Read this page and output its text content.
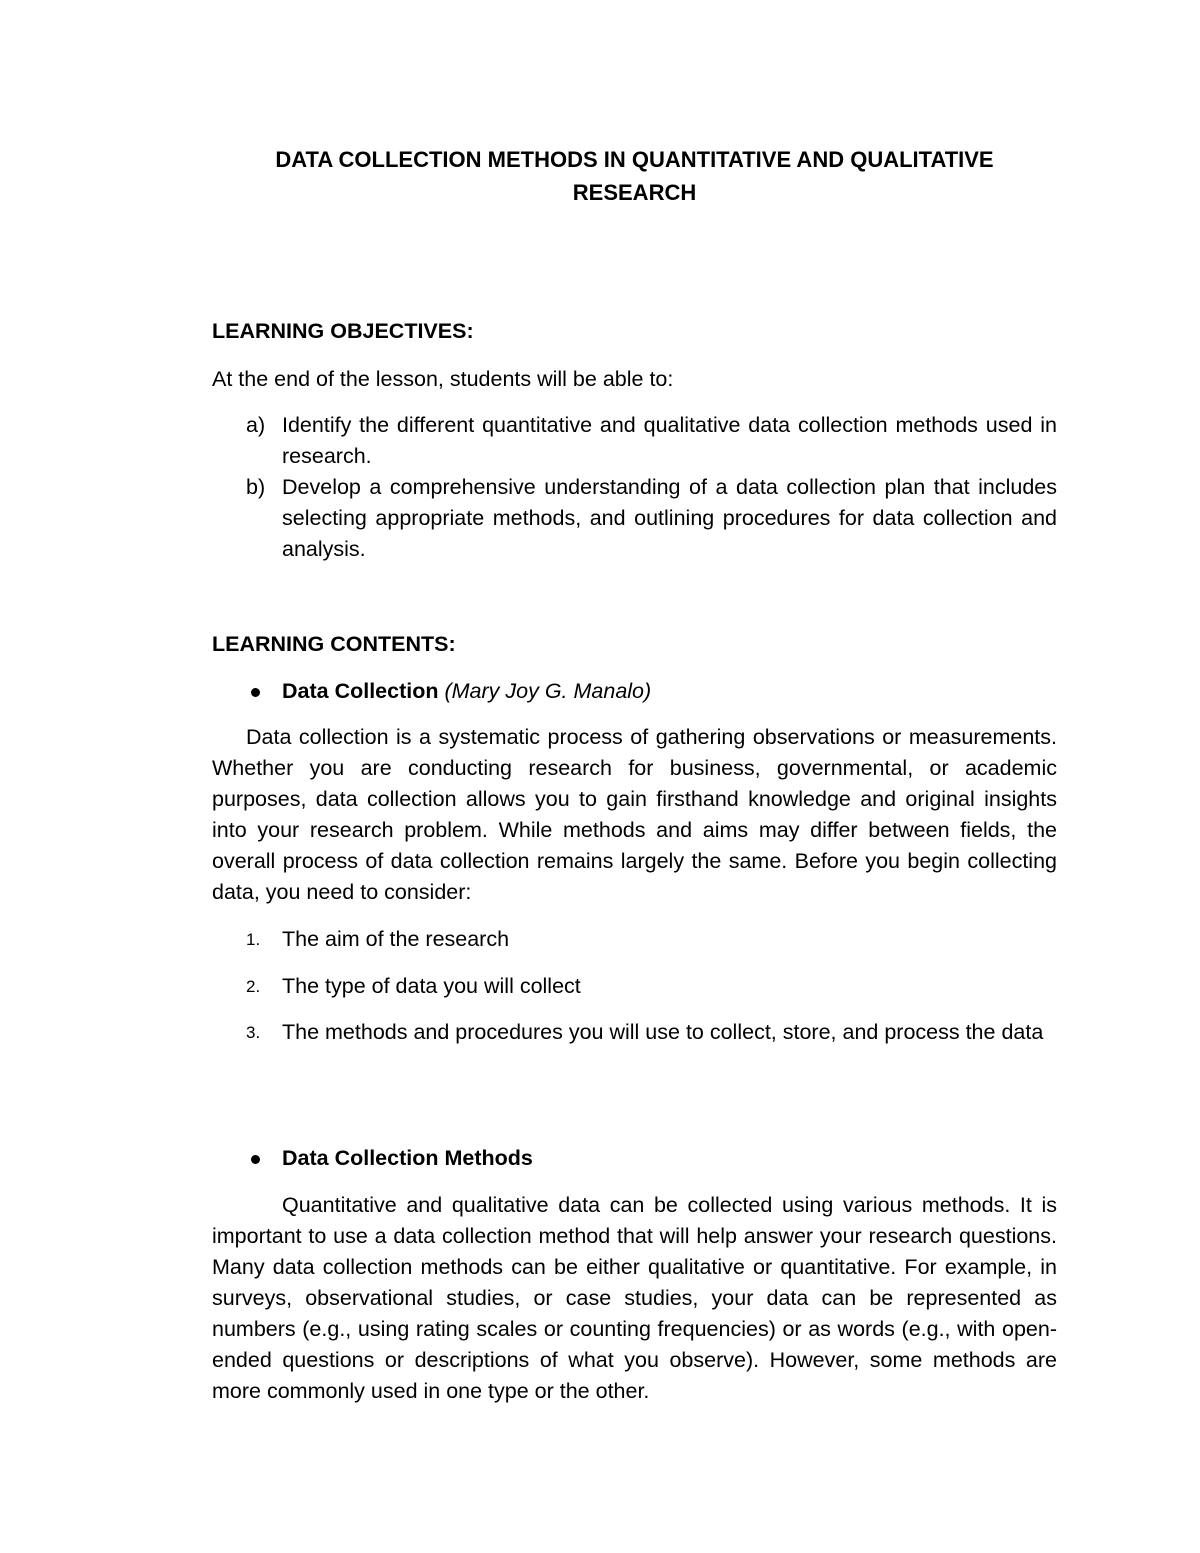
DATA COLLECTION METHODS IN QUANTITATIVE AND QUALITATIVE
RESEARCH
LEARNING OBJECTIVES:
At the end of the lesson, students will be able to:
a) Identify the different quantitative and qualitative data collection methods used in research.
b) Develop a comprehensive understanding of a data collection plan that includes selecting appropriate methods, and outlining procedures for data collection and analysis.
LEARNING CONTENTS:
Data Collection (Mary Joy G. Manalo)
Data collection is a systematic process of gathering observations or measurements. Whether you are conducting research for business, governmental, or academic purposes, data collection allows you to gain firsthand knowledge and original insights into your research problem. While methods and aims may differ between fields, the overall process of data collection remains largely the same. Before you begin collecting data, you need to consider:
1. The aim of the research
2. The type of data you will collect
3. The methods and procedures you will use to collect, store, and process the data
Data Collection Methods
Quantitative and qualitative data can be collected using various methods. It is important to use a data collection method that will help answer your research questions. Many data collection methods can be either qualitative or quantitative. For example, in surveys, observational studies, or case studies, your data can be represented as numbers (e.g., using rating scales or counting frequencies) or as words (e.g., with open-ended questions or descriptions of what you observe). However, some methods are more commonly used in one type or the other.
